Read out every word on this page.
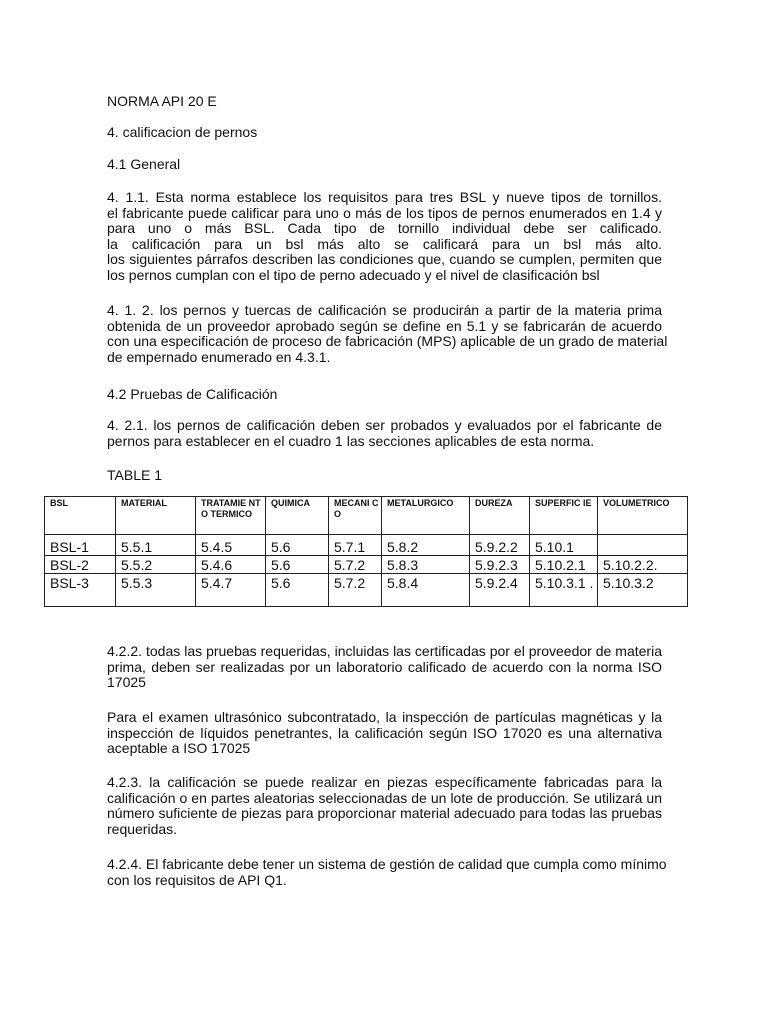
NORMA API 20 E
4. calificacion de pernos
4.1 General
4. 1.1. Esta norma establece los requisitos para tres BSL y nueve tipos de tornillos.
el fabricante puede calificar para uno o más de los tipos de pernos enumerados en 1.4 y
para uno o más BSL. Cada tipo de tornillo individual debe ser calificado.
la calificación para un bsl más alto se calificará para un bsl más alto.
los siguientes párrafos describen las condiciones que, cuando se cumplen, permiten que
los pernos cumplan con el tipo de perno adecuado y el nivel de clasificación bsl
4. 1. 2. los pernos y tuercas de calificación se producirán a partir de la materia prima
obtenida de un proveedor aprobado según se define en 5.1 y se fabricarán de acuerdo
con una especificación de proceso de fabricación (MPS) aplicable de un grado de material
de empernado enumerado en 4.3.1.
4.2 Pruebas de Calificación
4. 2.1. los pernos de calificación deben ser probados y evaluados por el fabricante de
pernos para establecer en el cuadro 1 las secciones aplicables de esta norma.
TABLE 1
BSL	MATERIAL	TRATAMIE NTO TERMICO	QUIMICA	MECANI CO	METALURGICO	DUREZA	SUPERFIC IE	VOLUMETRICO
BSL-1	5.5.1	5.4.5	5.6	5.7.1	5.8.2	5.9.2.2	5.10.1	
BSL-2	5.5.2	5.4.6	5.6	5.7.2	5.8.3	5.9.2.3	5.10.2.1	5.10.2.2.
BSL-3	5.5.3	5.4.7	5.6	5.7.2	5.8.4	5.9.2.4	5.10.3.1 .	5.10.3.2
4.2.2. todas las pruebas requeridas, incluidas las certificadas por el proveedor de materia
prima, deben ser realizadas por un laboratorio calificado de acuerdo con la norma ISO
17025
Para el examen ultrasónico subcontratado, la inspección de partículas magnéticas y la
inspección de líquidos penetrantes, la calificación según ISO 17020 es una alternativa
aceptable a ISO 17025
4.2.3. la calificación se puede realizar en piezas específicamente fabricadas para la
calificación o en partes aleatorias seleccionadas de un lote de producción. Se utilizará un
número suficiente de piezas para proporcionar material adecuado para todas las pruebas
requeridas.
4.2.4. El fabricante debe tener un sistema de gestión de calidad que cumpla como mínimo
con los requisitos de API Q1.
